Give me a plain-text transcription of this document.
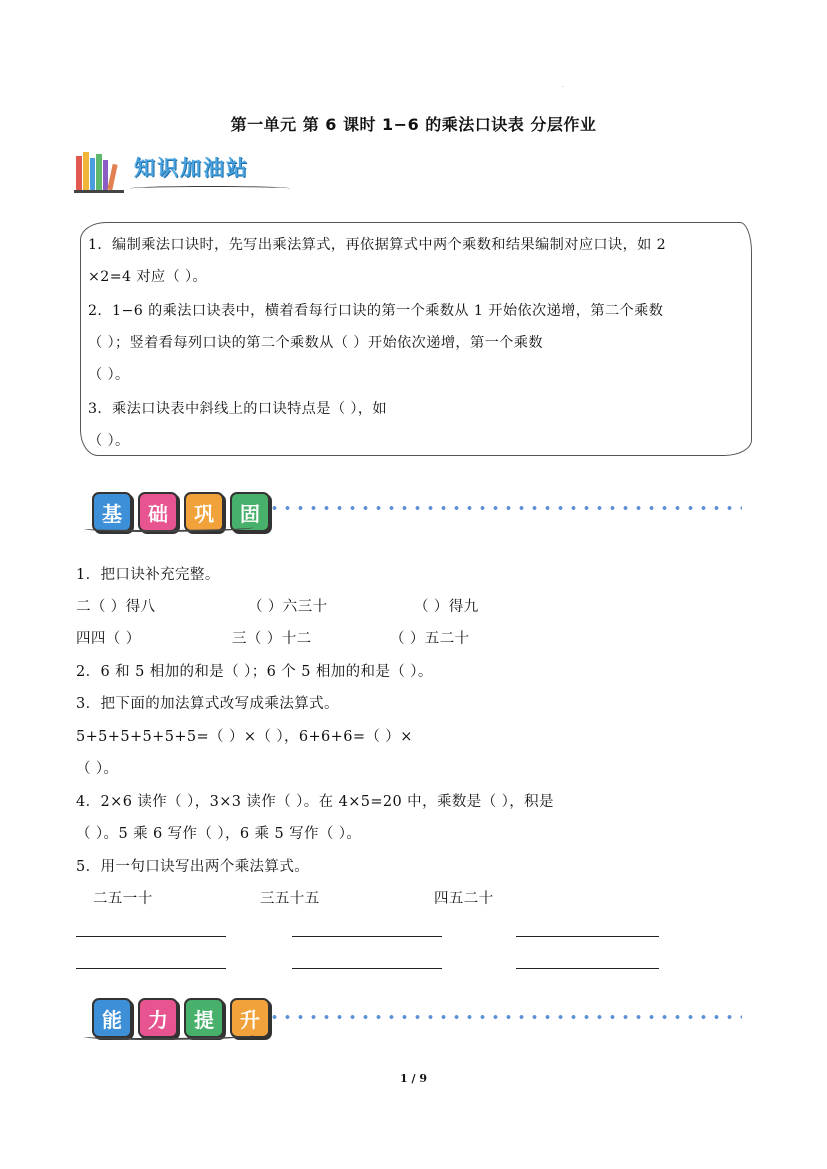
.
第一单元 第 6 课时 1−6 的乘法口诀表 分层作业
知识加油站
1．编制乘法口诀时，先写出乘法算式，再依据算式中两个乘数和结果编制对应口诀，如 2
×2=4 对应（ ）。
2．1−6 的乘法口诀表中，横着看每行口诀的第一个乘数从 1 开始依次递增，第二个乘数
（ ）；竖着看每列口诀的第二个乘数从（ ）开始依次递增，第一个乘数
（ ）。
3．乘法口诀表中斜线上的口诀特点是（ ），如
（ ）。
基	础	巩	固
1．把口诀补充完整。
二（ ）得八	（ ）六三十	（ ）得九
四四（ ）	三（ ）十二	（ ）五二十
2．6 和 5 相加的和是（ ）；6 个 5 相加的和是（ ）。
3．把下面的加法算式改写成乘法算式。
5+5+5+5+5+5=（ ）×（ ），6+6+6=（ ）×
（ ）。
4．2×6 读作（ ），3×3 读作（ ）。在 4×5=20 中，乘数是（ ），积是
（ ）。5 乘 6 写作（ ），6 乘 5 写作（ ）。
5．用一句口诀写出两个乘法算式。
二五一十	三五十五	四五二十
能	力	提	升
1 / 9
